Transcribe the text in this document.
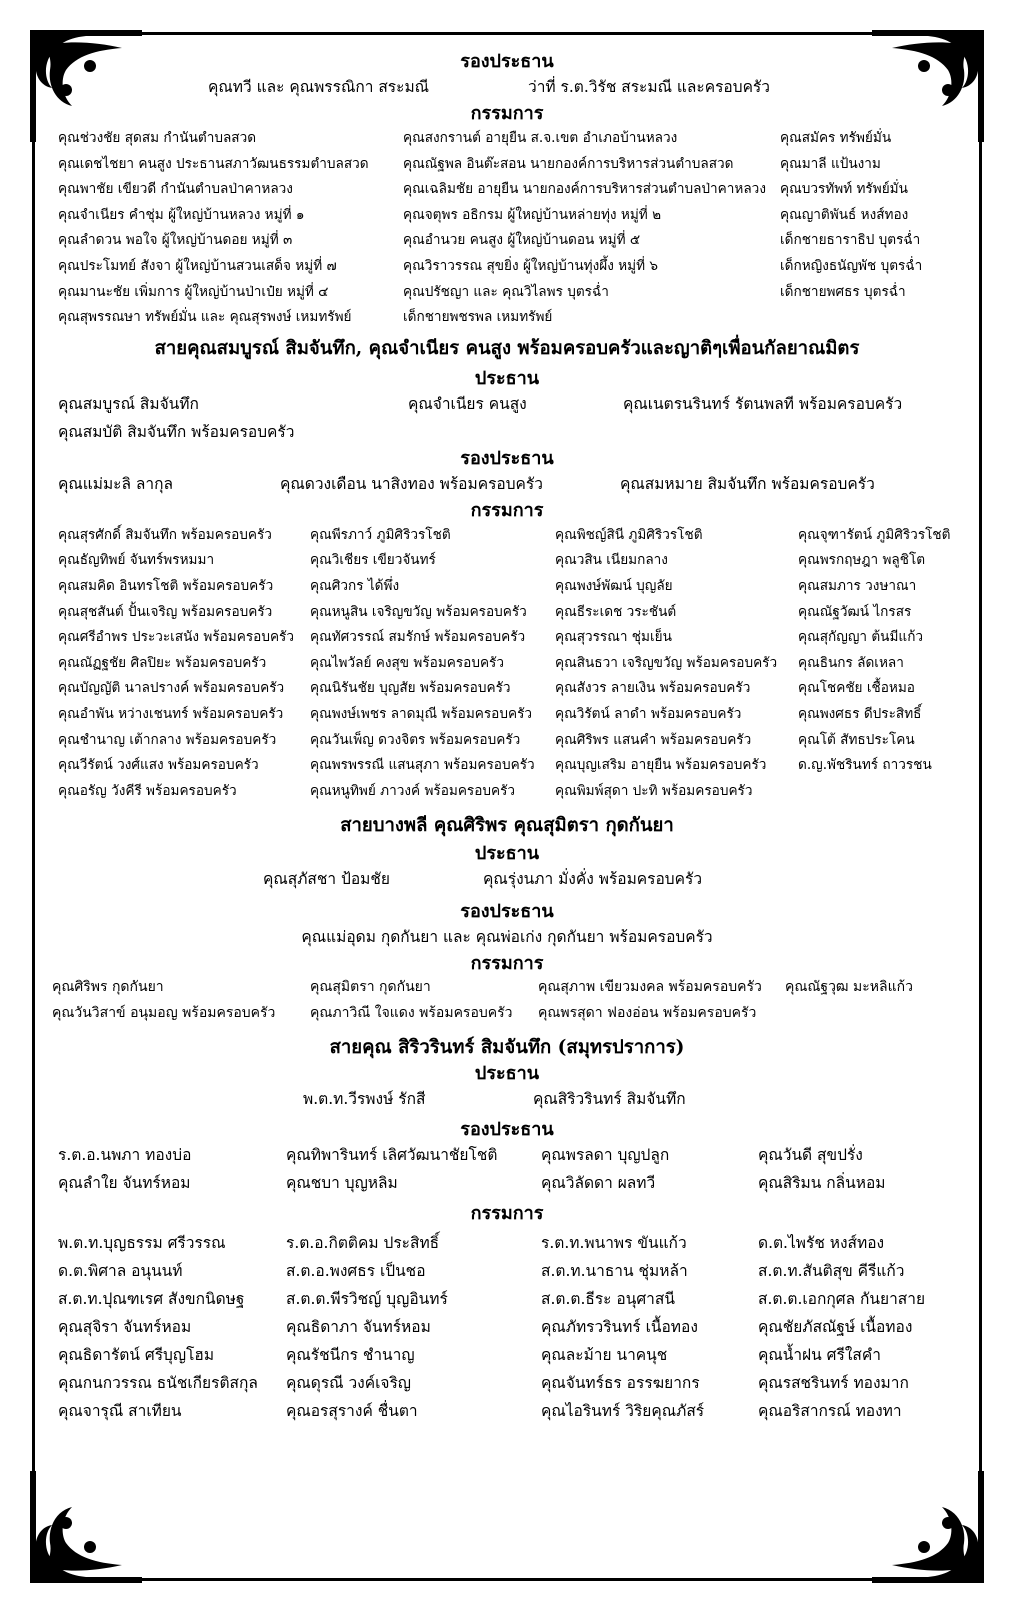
รองประธาน
คุณทวี และ คุณพรรณิกา สระมณี	ว่าที่ ร.ต.วิรัช สระมณี และครอบครัว
กรรมการ
คุณช่วงชัย สุดสม กำนันตำบลสวด	คุณสงกรานต์ อายุยืน ส.จ.เขต อำเภอบ้านหลวง	คุณสมัคร ทรัพย์มั่น
คุณเดชไชยา คนสูง ประธานสภาวัฒนธรรมตำบลสวด	คุณณัฐพล อินต๊ะสอน นายกองค์การบริหารส่วนตำบลสวด	คุณมาลี แป้นงาม
คุณพาชัย เขียวดี กำนันตำบลป่าคาหลวง	คุณเฉลิมชัย อายุยืน นายกองค์การบริหารส่วนตำบลป่าคาหลวง คุณบวรทัพท์ ทรัพย์มั่น
คุณจำเนียร คำชุ่ม ผู้ใหญ่บ้านหลวง หมู่ที่ ๑	คุณจตุพร อธิกรม ผู้ใหญ่บ้านหล่ายทุ่ง หมู่ที่ ๒	คุณญาติพันธ์ หงส์ทอง
คุณลำดวน พอใจ ผู้ใหญ่บ้านดอย หมู่ที่ ๓	คุณอำนวย คนสูง ผู้ใหญ่บ้านดอน หมู่ที่ ๕	เด็กชายธาราธิป บุตรฉ่ำ
คุณประโมทย์ สังจา ผู้ใหญ่บ้านสวนเสด็จ หมู่ที่ ๗	คุณวิราวรรณ สุขยิ่ง ผู้ใหญ่บ้านทุ่งผึ้ง หมู่ที่ ๖	เด็กหญิงธนัญพัช บุตรฉ่ำ
คุณมานะชัย เพิ่มการ ผู้ใหญ่บ้านป่าเป๋ย หมู่ที่ ๔	คุณปรัชญา และ คุณวิไลพร บุตรฉ่ำ	เด็กชายพศธร บุตรฉ่ำ
คุณสุพรรณษา ทรัพย์มั่น และ คุณสุรพงษ์ เหมทรัพย์	เด็กชายพชรพล เหมทรัพย์
สายคุณสมบูรณ์ สิมจันทึก, คุณจำเนียร คนสูง พร้อมครอบครัวและญาติๆเพื่อนกัลยาณมิตร
ประธาน
คุณสมบูรณ์ สิมจันทึก	คุณจำเนียร คนสูง	คุณเนตรนรินทร์ รัตนพลที พร้อมครอบครัว
คุณสมบัติ สิมจันทึก พร้อมครอบครัว
รองประธาน
คุณแม่มะลิ ลากุล	คุณดวงเดือน นาสิงทอง พร้อมครอบครัว	คุณสมหมาย สิมจันทึก พร้อมครอบครัว
กรรมการ
คุณสุรศักดิ์ สิมจันทึก พร้อมครอบครัว	คุณพีรภาว์ ภูมิศิริวรโชติ	คุณพิชญ์สินี ภูมิศิริวรโชติ	คุณจุฑารัตน์ ภูมิศิริวรโชติ
คุณธัญทิพย์ จันทร์พรหมมา	คุณวิเชียร เขียวจันทร์	คุณวสิน เนียมกลาง	คุณพรกฤษฎา พลูชิโต
คุณสมคิด อินทรโชติ พร้อมครอบครัว	คุณศิวกร ได้พึ่ง	คุณพงษ์พัฒน์ บุญลัย	คุณสมภาร วงษาณา
คุณสุชสันต์ ปั้นเจริญ พร้อมครอบครัว	คุณหนูสิน เจริญขวัญ พร้อมครอบครัว คุณธีระเดช วระชันต์	คุณณัฐวัฒน์ ไกรสร
คุณศรีอำพร ประวะเสนัง พร้อมครอบครัว คุณทัศวรรณ์ สมรักษ์ พร้อมครอบครัว คุณสุวรรณา ชุ่มเย็น	คุณสุกัญญา ต้นมีแก้ว
คุณณัฏฐชัย ศิลปิยะ พร้อมครอบครัว	คุณไพวัลย์ คงสุข พร้อมครอบครัว	คุณสินธวา เจริญขวัญ พร้อมครอบครัว คุณธินกร ลัดเหลา
คุณบัญญัติ นาลปรางค์ พร้อมครอบครัว คุณนิรันชัย บุญสัย พร้อมครอบครัว	คุณสังวร ลายเงิน พร้อมครอบครัว	คุณโชคชัย เชื้อหมอ
คุณอำพัน หว่างเชนทร์ พร้อมครอบครัว คุณพงษ์เพชร ลาดมุณี พร้อมครอบครัว คุณวิรัตน์ ลาดำ พร้อมครอบครัว	คุณพงศธร ดีประสิทธิ์
คุณชำนาญ เต้ากลาง พร้อมครอบครัว คุณวันเพ็ญ ดวงจิตร พร้อมครอบครัว	คุณศิริพร แสนคำ พร้อมครอบครัว	คุณโต้ สัทธประโคน
คุณวีรัตน์ วงศ์แสง พร้อมครอบครัว	คุณพรพรรณี แสนสุภา พร้อมครอบครัว คุณบุญเสริม อายุยืน พร้อมครอบครัว ด.ญ.พัชรินทร์ ถาวรชน
คุณอรัญ วังคีรี พร้อมครอบครัว	คุณหนูทิพย์ ภาวงค์ พร้อมครอบครัว	คุณพิมพ์สุดา ปะทิ พร้อมครอบครัว
สายบางพลี คุณศิริพร คุณสุมิตรา กุดกันยา
ประธาน
คุณสุภัสชา ป้อมชัย	คุณรุ่งนภา มั่งคั่ง พร้อมครอบครัว
รองประธาน
คุณแม่อุดม กุดกันยา และ คุณพ่อเก่ง กุดกันยา พร้อมครอบครัว
กรรมการ
คุณศิริพร กุดกันยา	คุณสุมิตรา กุดกันยา	คุณสุภาพ เขียวมงคล พร้อมครอบครัว คุณณัฐวุฒ มะหลิแก้ว
คุณวันวิสาข์ อนุมอญ พร้อมครอบครัว คุณภาวิณี ใจแดง พร้อมครอบครัว คุณพรสุดา ฟองอ่อน พร้อมครอบครัว
สายคุณ สิริวรินทร์ สิมจันทึก (สมุทรปราการ)
ประธาน
พ.ต.ท.วีรพงษ์ รักสี	คุณสิริวรินทร์ สิมจันทึก
รองประธาน
ร.ต.อ.นพภา ทองบ่อ	คุณทิพารินทร์ เลิศวัฒนาชัยโชติ	คุณพรลดา บุญปลูก	คุณวันดี สุขปรั่ง
คุณลำใย จันทร์หอม	คุณชบา บุญหลิม	คุณวิลัดดา ผลทวี	คุณสิริมน กลิ่นหอม
กรรมการ
พ.ต.ท.บุญธรรม ศรีวรรณ	ร.ต.อ.กิตติคม ประสิทธิ์	ร.ต.ท.พนาพร ขันแก้ว	ด.ต.ไพรัช หงส์ทอง
ด.ต.พิศาล อนุนนท์	ส.ต.อ.พงศธร เป็นชอ	ส.ต.ท.นาธาน ชุ่มหล้า	ส.ต.ท.สันติสุข คีรีแก้ว
ส.ต.ท.ปุณฑเรศ สังขกนิดษฐ	ส.ต.ต.พีรวิชญ์ บุญอินทร์	ส.ต.ต.ธีระ อนุศาสนี	ส.ต.ต.เอกกุศล กันยาสาย
คุณสุจิรา จันทร์หอม	คุณธิดาภา จันทร์หอม	คุณภัทรวรินทร์ เนื้อทอง	คุณชัยภัสณัฐษ์ เนื้อทอง
คุณธิดารัตน์ ศรีบุญโฮม	คุณรัชนีกร ชำนาญ	คุณละม้าย นาคนุช	คุณน้ำฝน ศรีใสคำ
คุณกนกวรรณ ธนัชเกียรติสกุล คุณดุรณี วงค์เจริญ	คุณจันทร์ธร อรรฆยากร	คุณรสชรินทร์ ทองมาก
คุณจารุณี สาเทียน	คุณอรสุรางค์ ชื่นตา	คุณไอรินทร์ วิริยคุณภัสร์	คุณอริสากรณ์ ทองทา
